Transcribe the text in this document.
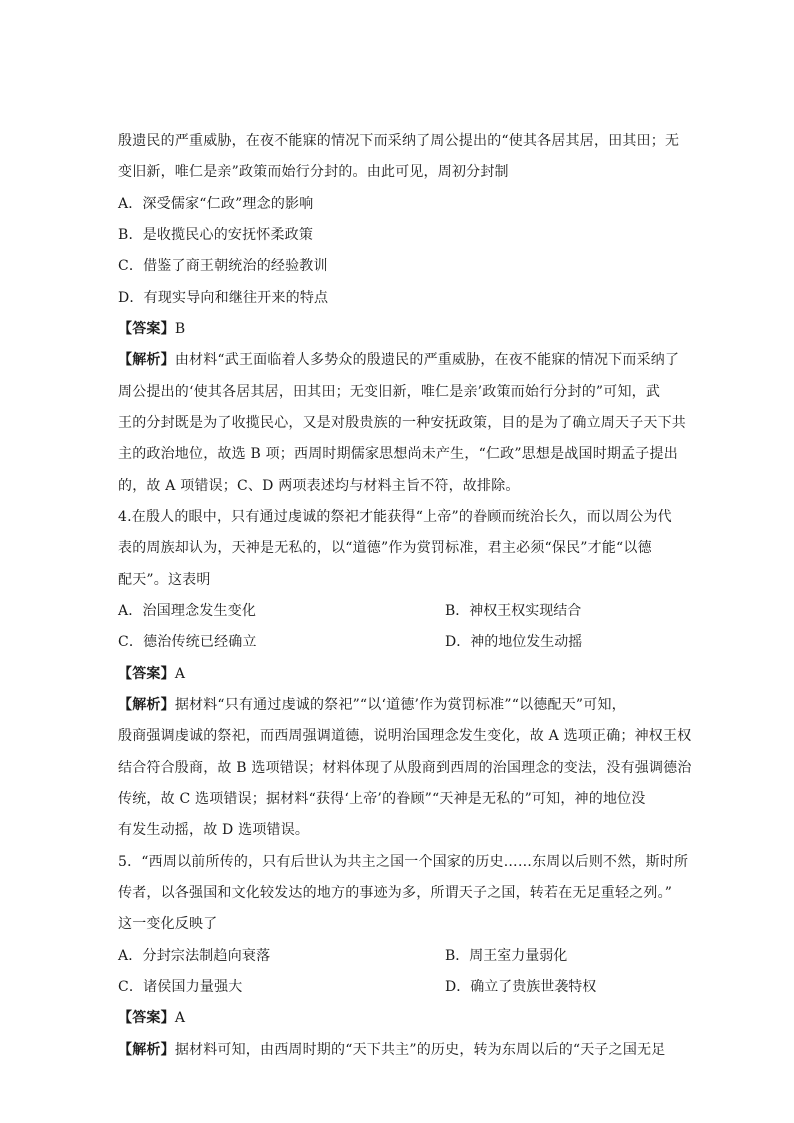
殷遗民的严重威胁，在夜不能寐的情况下而采纳了周公提出的“使其各居其居，田其田；无
变旧新，唯仁是亲”政策而始行分封的。由此可见，周初分封制
A．深受儒家“仁政”理念的影响
B．是收揽民心的安抚怀柔政策
C．借鉴了商王朝统治的经验教训
D．有现实导向和继往开来的特点
【答案】B
【解析】由材料“武王面临着人多势众的殷遗民的严重威胁，在夜不能寐的情况下而采纳了
周公提出的‘使其各居其居，田其田；无变旧新，唯仁是亲’政策而始行分封的”可知，武
王的分封既是为了收揽民心，又是对殷贵族的一种安抚政策，目的是为了确立周天子天下共
主的政治地位，故选 B 项；西周时期儒家思想尚未产生，“仁政”思想是战国时期孟子提出
的，故 A 项错误；C、D 两项表述均与材料主旨不符，故排除。
4.在殷人的眼中，只有通过虔诚的祭祀才能获得“上帝”的眷顾而统治长久，而以周公为代
表的周族却认为，天神是无私的，以“道德”作为赏罚标准，君主必须“保民”才能“以德
配天”。这表明
A．治国理念发生变化	B．神权王权实现结合
C．德治传统已经确立	D．神的地位发生动摇
【答案】A
【解析】据材料“只有通过虔诚的祭祀”“以‘道德’作为赏罚标准”“以德配天”可知，
殷商强调虔诚的祭祀，而西周强调道德，说明治国理念发生变化，故 A 选项正确；神权王权
结合符合殷商，故 B 选项错误；材料体现了从殷商到西周的治国理念的变法，没有强调德治
传统，故 C 选项错误；据材料“获得‘上帝’的眷顾”“天神是无私的”可知，神的地位没
有发生动摇，故 D 选项错误。
5．“西周以前所传的，只有后世认为共主之国一个国家的历史……东周以后则不然，斯时所
传者，以各强国和文化较发达的地方的事迹为多，所谓天子之国，转若在无足重轻之列。”
这一变化反映了
A．分封宗法制趋向衰落	B．周王室力量弱化
C．诸侯国力量强大	D．确立了贵族世袭特权
【答案】A
【解析】据材料可知，由西周时期的“天下共主”的历史，转为东周以后的“天子之国无足
